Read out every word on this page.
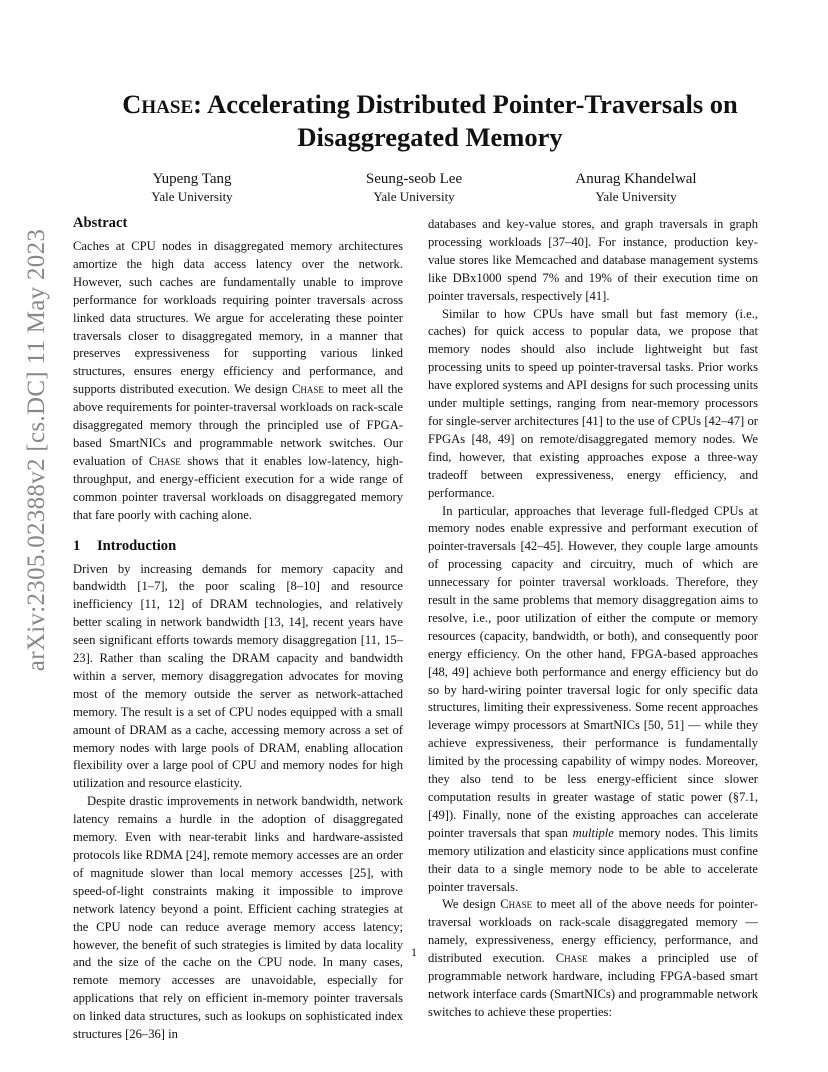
arXiv:2305.02388v2 [cs.DC] 11 May 2023
Chase: Accelerating Distributed Pointer-Traversals on
Disaggregated Memory
Yupeng Tang
Yale University
Seung-seob Lee
Yale University
Anurag Khandelwal
Yale University
Abstract

Caches at CPU nodes in disaggregated memory architectures amortize the high data access latency over the network. However, such caches are fundamentally unable to improve performance for workloads requiring pointer traversals across linked data structures. We argue for accelerating these pointer traversals closer to disaggregated memory, in a manner that preserves expressiveness for supporting various linked structures, ensures energy efficiency and performance, and supports distributed execution. We design Chase to meet all the above requirements for pointer-traversal workloads on rack-scale disaggregated memory through the principled use of FPGA-based SmartNICs and programmable network switches. Our evaluation of Chase shows that it enables low-latency, high-throughput, and energy-efficient execution for a wide range of common pointer traversal workloads on disaggregated memory that fare poorly with caching alone.

1 Introduction

Driven by increasing demands for memory capacity and bandwidth [1–7], the poor scaling [8–10] and resource inefficiency [11, 12] of DRAM technologies, and relatively better scaling in network bandwidth [13, 14], recent years have seen significant efforts towards memory disaggregation [11, 15–23]. Rather than scaling the DRAM capacity and bandwidth within a server, memory disaggregation advocates for moving most of the memory outside the server as network-attached memory. The result is a set of CPU nodes equipped with a small amount of DRAM as a cache, accessing memory across a set of memory nodes with large pools of DRAM, enabling allocation flexibility over a large pool of CPU and memory nodes for high utilization and resource elasticity.

Despite drastic improvements in network bandwidth, network latency remains a hurdle in the adoption of disaggregated memory. Even with near-terabit links and hardware-assisted protocols like RDMA [24], remote memory accesses are an order of magnitude slower than local memory accesses [25], with speed-of-light constraints making it impossible to improve network latency beyond a point. Efficient caching strategies at the CPU node can reduce average memory access latency; however, the benefit of such strategies is limited by data locality and the size of the cache on the CPU node. In many cases, remote memory accesses are unavoidable, especially for applications that rely on efficient in-memory pointer traversals on linked data structures, such as lookups on sophisticated index structures [26–36] in

databases and key-value stores, and graph traversals in graph processing workloads [37–40]. For instance, production key-value stores like Memcached and database management systems like DBx1000 spend 7% and 19% of their execution time on pointer traversals, respectively [41].

Similar to how CPUs have small but fast memory (i.e., caches) for quick access to popular data, we propose that memory nodes should also include lightweight but fast processing units to speed up pointer-traversal tasks. Prior works have explored systems and API designs for such processing units under multiple settings, ranging from near-memory processors for single-server architectures [41] to the use of CPUs [42–47] or FPGAs [48, 49] on remote/disaggregated memory nodes. We find, however, that existing approaches expose a three-way tradeoff between expressiveness, energy efficiency, and performance.

In particular, approaches that leverage full-fledged CPUs at memory nodes enable expressive and performant execution of pointer-traversals [42–45]. However, they couple large amounts of processing capacity and circuitry, much of which are unnecessary for pointer traversal workloads. Therefore, they result in the same problems that memory disaggregation aims to resolve, i.e., poor utilization of either the compute or memory resources (capacity, bandwidth, or both), and consequently poor energy efficiency. On the other hand, FPGA-based approaches [48, 49] achieve both performance and energy efficiency but do so by hard-wiring pointer traversal logic for only specific data structures, limiting their expressiveness. Some recent approaches leverage wimpy processors at SmartNICs [50, 51] — while they achieve expressiveness, their performance is fundamentally limited by the processing capability of wimpy nodes. Moreover, they also tend to be less energy-efficient since slower computation results in greater wastage of static power (§7.1, [49]). Finally, none of the existing approaches can accelerate pointer traversals that span multiple memory nodes. This limits memory utilization and elasticity since applications must confine their data to a single memory node to be able to accelerate pointer traversals.

We design Chase to meet all of the above needs for pointer-traversal workloads on rack-scale disaggregated memory — namely, expressiveness, energy efficiency, performance, and distributed execution. Chase makes a principled use of programmable network hardware, including FPGA-based smart network interface cards (SmartNICs) and programmable network switches to achieve these properties:

1
